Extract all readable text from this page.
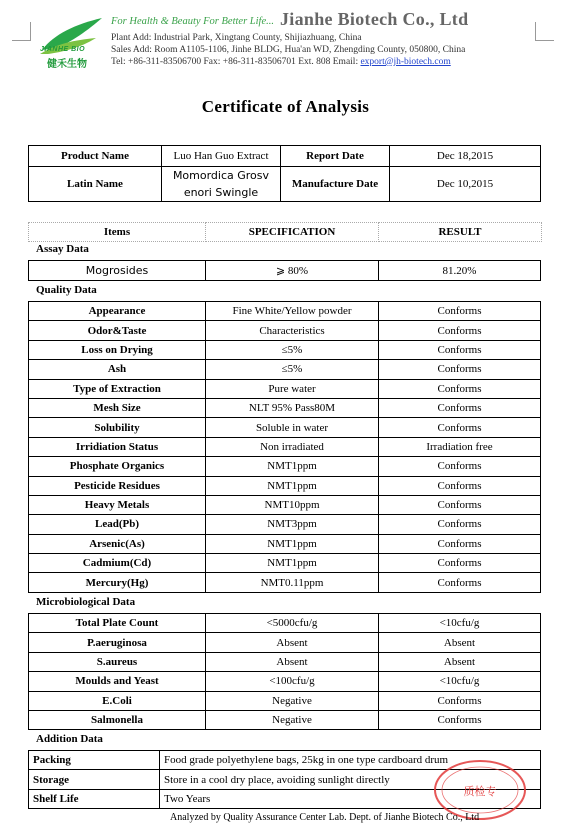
JIANHE BIO
健禾生物
For Health & Beauty For Better Life... Jianhe Biotech Co., Ltd
Plant Add: Industrial Park, Xingtang County, Shijiazhuang, China
Sales Add: Room A1105-1106, Jinhe BLDG, Hua'an WD, Zhengding County, 050800, China
Tel: +86-311-83506700 Fax: +86-311-83506701 Ext. 808 Email: export@jh-biotech.com
Certificate of Analysis
Product Name	Luo Han Guo Extract	Report Date	Dec 18,2015
Latin Name	Momordica Grosv
enori Swingle	Manufacture Date	Dec 10,2015
Items	SPECIFICATION	RESULT
Assay Data
Mogrosides	⩾ 80%	81.20%
Quality Data
Appearance	Fine White/Yellow powder	Conforms
Odor&Taste	Characteristics	Conforms
Loss on Drying	≤5%	Conforms
Ash	≤5%	Conforms
Type of Extraction	Pure water	Conforms
Mesh Size	NLT 95% Pass80M	Conforms
Solubility	Soluble in water	Conforms
Irridiation Status	Non irradiated	Irradiation free
Phosphate Organics	NMT1ppm	Conforms
Pesticide Residues	NMT1ppm	Conforms
Heavy Metals	NMT10ppm	Conforms
Lead(Pb)	NMT3ppm	Conforms
Arsenic(As)	NMT1ppm	Conforms
Cadmium(Cd)	NMT1ppm	Conforms
Mercury(Hg)	NMT0.11ppm	Conforms
Microbiological Data
Total Plate Count	<5000cfu/g	<10cfu/g
P.aeruginosa	Absent	Absent
S.aureus	Absent	Absent
Moulds and Yeast	<100cfu/g	<10cfu/g
E.Coli	Negative	Conforms
Salmonella	Negative	Conforms
Addition Data
Packing	Food grade polyethylene bags, 25kg in one type cardboard drum
Storage	Store in a cool dry place, avoiding sunlight directly
Shelf Life	Two Years
质检专
Analyzed by Quality Assurance Center Lab. Dept. of Jianhe Biotech Co., Ltd
